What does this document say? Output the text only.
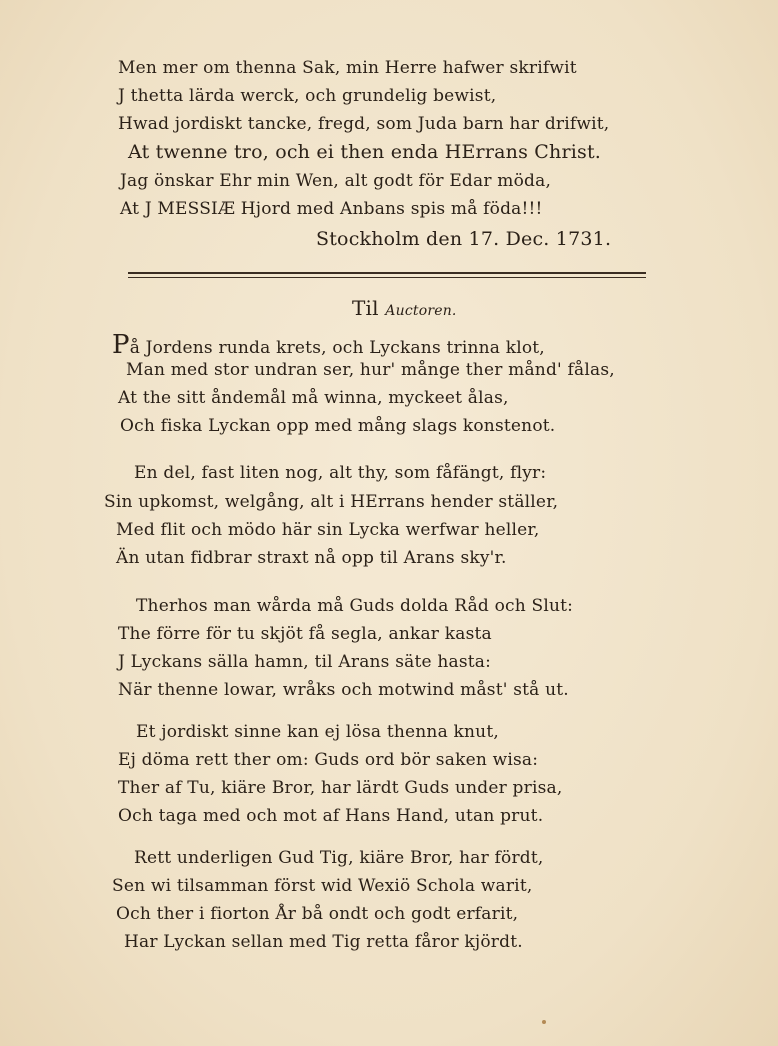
Men mer om thenna Sak, min Herre hafwer skrifwit
J thetta lärda werck, och grundelig bewist,
Hwad jordiskt tancke, fregd, som Juda barn har drifwit,
At twenne tro, och ei then enda HErrans Christ.
Jag önskar Ehr min Wen, alt godt för Edar möda,
At J MESSIÆ Hjord med Anbans spis må föda!!!
Stockholm den 17. Dec. 1731.
Til Auctoren.
På Jordens runda krets, och Lyckans trinna klot,
Man med stor undran ser, hur' månge ther månd' fålas,
At the sitt åndemål må winna, myckeet ålas,
Och fiska Lyckan opp med mång slags konstenot.
En del, fast liten nog, alt thy, som fåfängt, flyr:
Sin upkomst, welgång, alt i HErrans hender ställer,
Med flit och mödo här sin Lycka werfwar heller,
Än utan fidbrar straxt nå opp til Arans sky'r.
Therhos man wårda må Guds dolda Råd och Slut:
The förre för tu skjöt få segla, ankar kasta
J Lyckans sälla hamn, til Arans säte hasta:
När thenne lowar, wråks och motwind måst' stå ut.
Et jordiskt sinne kan ej lösa thenna knut,
Ej döma rett ther om: Guds ord bör saken wisa:
Ther af Tu, kiäre Bror, har lärdt Guds under prisa,
Och taga med och mot af Hans Hand, utan prut.
Rett underligen Gud Tig, kiäre Bror, har fördt,
Sen wi tilsamman först wid Wexiö Schola warit,
Och ther i fiorton År bå ondt och godt erfarit,
Har Lyckan sellan med Tig retta fåror kjördt.
